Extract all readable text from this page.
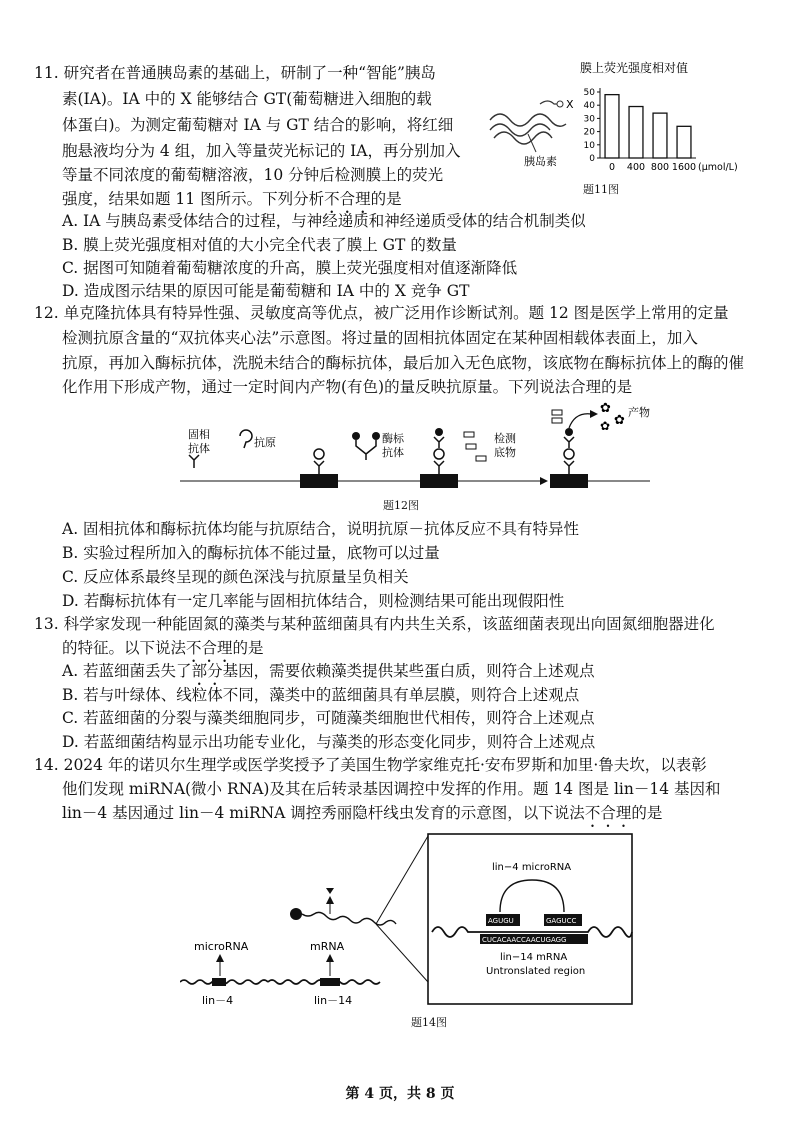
11. 研究者在普通胰岛素的基础上，研制了一种“智能”胰岛
素(IA)。IA 中的 X 能够结合 GT(葡萄糖进入细胞的载
体蛋白)。为测定葡萄糖对 IA 与 GT 结合的影响，将红细
胞悬液均分为 4 组，加入等量荧光标记的 IA，再分别加入
等量不同浓度的葡萄糖溶液，10 分钟后检测膜上的荧光
强度，结果如题 11 图所示。下列分析不合理的是
A. IA 与胰岛素受体结合的过程，与神经递质和神经递质受体的结合机制类似
B. 膜上荧光强度相对值的大小完全代表了膜上 GT 的数量
C. 据图可知随着葡萄糖浓度的升高，膜上荧光强度相对值逐渐降低
D. 造成图示结果的原因可能是葡萄糖和 IA 中的 X 竞争 GT
X
胰岛素
膜上荧光强度相对值
0
10
20
30
40
50
0 400 800 1600 (μmol/L)
题11图
12. 单克隆抗体具有特异性强、灵敏度高等优点，被广泛用作诊断试剂。题 12 图是医学上常用的定量
检测抗原含量的“双抗体夹心法”示意图。将过量的固相抗体固定在某种固相载体表面上，加入
抗原，再加入酶标抗体，洗脱未结合的酶标抗体，最后加入无色底物，该底物在酶标抗体上的酶的催
化作用下形成产物，通过一定时间内产物(有色)的量反映抗原量。下列说法合理的是
固相
抗体	抗原	酶标
抗体
检测
底物
✿
✿
✿
产物
题12图
A. 固相抗体和酶标抗体均能与抗原结合，说明抗原－抗体反应不具有特异性
B. 实验过程所加入的酶标抗体不能过量，底物可以过量
C. 反应体系最终呈现的颜色深浅与抗原量呈负相关
D. 若酶标抗体有一定几率能与固相抗体结合，则检测结果可能出现假阳性
13. 科学家发现一种能固氮的藻类与某种蓝细菌具有内共生关系，该蓝细菌表现出向固氮细胞器进化
的特征。以下说法不合理的是
A. 若蓝细菌丢失了部分基因，需要依赖藻类提供某些蛋白质，则符合上述观点
B. 若与叶绿体、线粒体不同，藻类中的蓝细菌具有单层膜，则符合上述观点
C. 若蓝细菌的分裂与藻类细胞同步，可随藻类细胞世代相传，则符合上述观点
D. 若蓝细菌结构显示出功能专业化，与藻类的形态变化同步，则符合上述观点
14. 2024 年的诺贝尔生理学或医学奖授予了美国生物学家维克托·安布罗斯和加里·鲁夫坎，以表彰
他们发现 miRNA(微小 RNA)及其在后转录基因调控中发挥的作用。题 14 图是 lin－14 基因和
lin－4 基因通过 lin－4 miRNA 调控秀丽隐杆线虫发育的示意图，以下说法不合理的是
microRNA
lin－4
mRNA
lin－14
lin−4 microRNA
AGUGU	GAGUCC
CUCACAACCAACUGAGG
lin−14 mRNA
Untronslated region
题14图
第 4 页，共 8 页
